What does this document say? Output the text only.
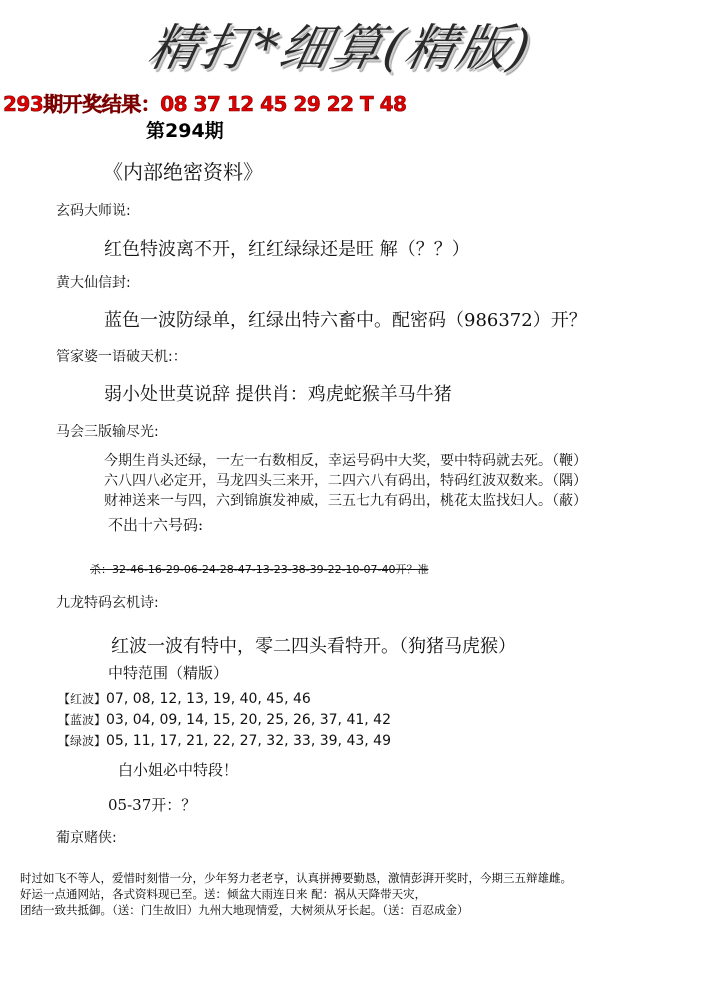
精打*细算(精版)
293期开奖结果：08 37 12 45 29 22 T 48
第294期
《内部绝密资料》
玄码大师说:
红色特波离不开，红红绿绿还是旺 解（？？）
黄大仙信封:
蓝色一波防绿单，红绿出特六畜中。配密码（986372）开？
管家婆一语破天机:：
弱小处世莫说辞 提供肖：鸡虎蛇猴羊马牛猪
马会三版输尽光:
今期生肖头还绿，一左一右数相反，幸运号码中大奖，要中特码就去死。（鞭）
六八四八必定开，马龙四头三来开，二四六八有码出，特码红波双数来。（隅）
财神送来一与四，六到锦旗发神威，三五七九有码出，桃花太监找妇人。（蔽）
不出十六号码:
杀：32-46-16-29-06-24-28-47-13-23-38-39-22-10-07-40开？准
九龙特码玄机诗:
红波一波有特中，零二四头看特开。（狗猪马虎猴）
中特范围（精版）
【红波】07, 08, 12, 13, 19, 40, 45, 46
【蓝波】03, 04, 09, 14, 15, 20, 25, 26, 37, 41, 42
【绿波】05, 11, 17, 21, 22, 27, 32, 33, 39, 43, 49
白小姐必中特段！
05-37开：？
葡京赌侠:
时过如飞不等人，爱惜时刻惜一分，少年努力老老亨，认真拼搏要勤恳，激情彭湃开奖时，今期三五辩雄雌。
好运一点通网站，各式资料现已至。送：倾盆大雨连日来 配：祸从天降带天灾，
团结一致共抵御。（送：门生故旧）九州大地现情爱，大树须从牙长起。（送：百忍成金）
